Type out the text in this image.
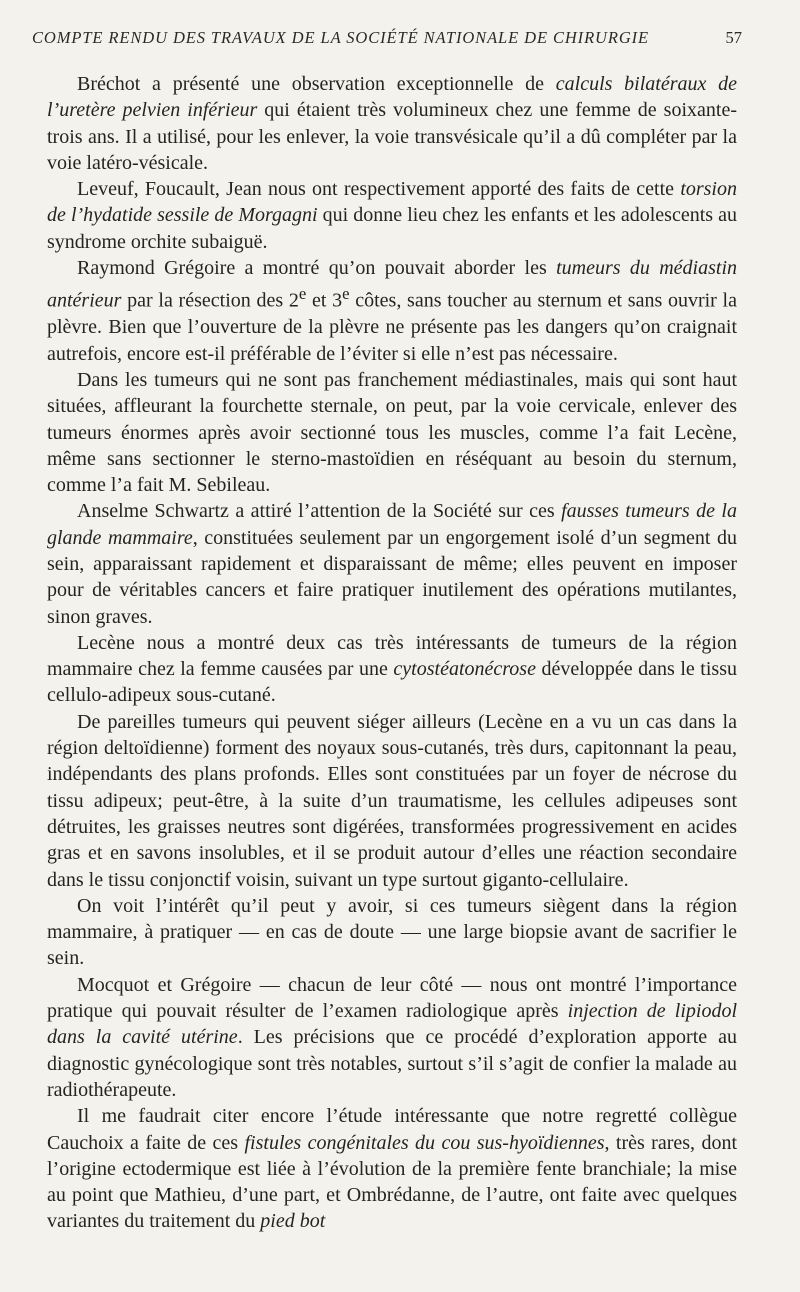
COMPTE RENDU DES TRAVAUX DE LA SOCIÉTÉ NATIONALE DE CHIRURGIE	57

Bréchot a présenté une observation exceptionnelle de calculs bilatéraux de l’uretère pelvien inférieur qui étaient très volumineux chez une femme de soixante-trois ans. Il a utilisé, pour les enlever, la voie transvésicale qu’il a dû compléter par la voie latéro-vésicale.

Leveuf, Foucault, Jean nous ont respectivement apporté des faits de cette torsion de l’hydatide sessile de Morgagni qui donne lieu chez les enfants et les adolescents au syndrome orchite subaiguë.

Raymond Grégoire a montré qu’on pouvait aborder les tumeurs du médiastin antérieur par la résection des 2e et 3e côtes, sans toucher au sternum et sans ouvrir la plèvre. Bien que l’ouverture de la plèvre ne présente pas les dangers qu’on craignait autrefois, encore est-il préférable de l’éviter si elle n’est pas nécessaire.

Dans les tumeurs qui ne sont pas franchement médiastinales, mais qui sont haut situées, affleurant la fourchette sternale, on peut, par la voie cervicale, enlever des tumeurs énormes après avoir sectionné tous les muscles, comme l’a fait Lecène, même sans sectionner le sterno-mastoïdien en réséquant au besoin du sternum, comme l’a fait M. Sebileau.

Anselme Schwartz a attiré l’attention de la Société sur ces fausses tumeurs de la glande mammaire, constituées seulement par un engorgement isolé d’un segment du sein, apparaissant rapidement et disparaissant de même; elles peuvent en imposer pour de véritables cancers et faire pratiquer inutilement des opérations mutilantes, sinon graves.

Lecène nous a montré deux cas très intéressants de tumeurs de la région mammaire chez la femme causées par une cytostéatonécrose développée dans le tissu cellulo-adipeux sous-cutané.

De pareilles tumeurs qui peuvent siéger ailleurs (Lecène en a vu un cas dans la région deltoïdienne) forment des noyaux sous-cutanés, très durs, capitonnant la peau, indépendants des plans profonds. Elles sont constituées par un foyer de nécrose du tissu adipeux; peut-être, à la suite d’un traumatisme, les cellules adipeuses sont détruites, les graisses neutres sont digérées, transformées progressivement en acides gras et en savons insolubles, et il se produit autour d’elles une réaction secondaire dans le tissu conjonctif voisin, suivant un type surtout giganto-cellulaire.

On voit l’intérêt qu’il peut y avoir, si ces tumeurs siègent dans la région mammaire, à pratiquer — en cas de doute — une large biopsie avant de sacrifier le sein.

Mocquot et Grégoire — chacun de leur côté — nous ont montré l’importance pratique qui pouvait résulter de l’examen radiologique après injection de lipiodol dans la cavité utérine. Les précisions que ce procédé d’exploration apporte au diagnostic gynécologique sont très notables, surtout s’il s’agit de confier la malade au radiothérapeute.

Il me faudrait citer encore l’étude intéressante que notre regretté collègue Cauchoix a faite de ces fistules congénitales du cou sus-hyoïdiennes, très rares, dont l’origine ectodermique est liée à l’évolution de la première fente branchiale; la mise au point que Mathieu, d’une part, et Ombrédanne, de l’autre, ont faite avec quelques variantes du traitement du pied bot
